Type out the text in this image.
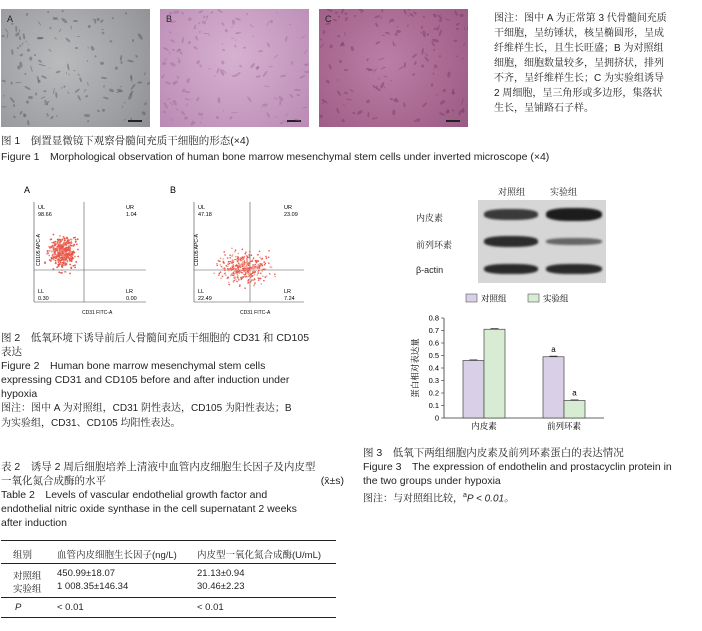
A	B	C	图注：图中 A 为正常第 3 代骨髓间充质
干细胞，呈纺锤状，核呈椭圆形，呈成
纤维样生长，且生长旺盛；B 为对照组
细胞，细胞数量较多，呈拥挤状，排列
不齐，呈纤维样生长；C 为实验组诱导
2 周细胞，呈三角形或多边形，集落状
生长，呈铺路石子样。
图 1　倒置显微镜下观察骨髓间充质干细胞的形态(×4)
Figure 1　Morphological observation of human bone marrow mesenchymal stem cells under inverted microscope (×4)
A
CD105 APC-A
CD31 FITC-A
UL
98.66
UR
1.04
LL
0.30
LR
0.00
B
CD105 APC-A
CD31 FITC-A
UL
47.18
UR
23.09
LL
22.49
LR
7.24
图 2　低氧环境下诱导前后人骨髓间充质干细胞的 CD31 和 CD105
表达
Figure 2　Human bone marrow mesenchymal stem cells
expressing CD31 and CD105 before and after induction under
hypoxia
图注：图中 A 为对照组，CD31 阴性表达，CD105 为阳性表达；B
为实验组，CD31、CD105 均阳性表达。
表 2　诱导 2 周后细胞培养上清液中血管内皮细胞生长因子及内皮型
一氧化氮合成酶的水平	(x̄±s)
Table 2　Levels of vascular endothelial growth factor and
endothelial nitric oxide synthase in the cell supernatant 2 weeks
after induction
组别	血管内皮细胞生长因子(ng/L) 内皮型一氧化氮合成酶(U/mL)
对照组 450.99±18.07	21.13±0.94
实验组 1 008.35±146.34	30.46±2.23
P	< 0.01	< 0.01
对照组	实验组
内皮素
前列环素
β-actin
对照组	实验组
蛋白相对表达量
0
0.1
0.2
0.3
0.4
0.5
0.6
0.7
0.8
a
a
内皮素	前列环素
图 3　低氧下两组细胞内皮素及前列环素蛋白的表达情况
Figure 3　The expression of endothelin and prostacyclin protein in
the two groups under hypoxia
图注：与对照组比较，$^a$P < 0.01。
